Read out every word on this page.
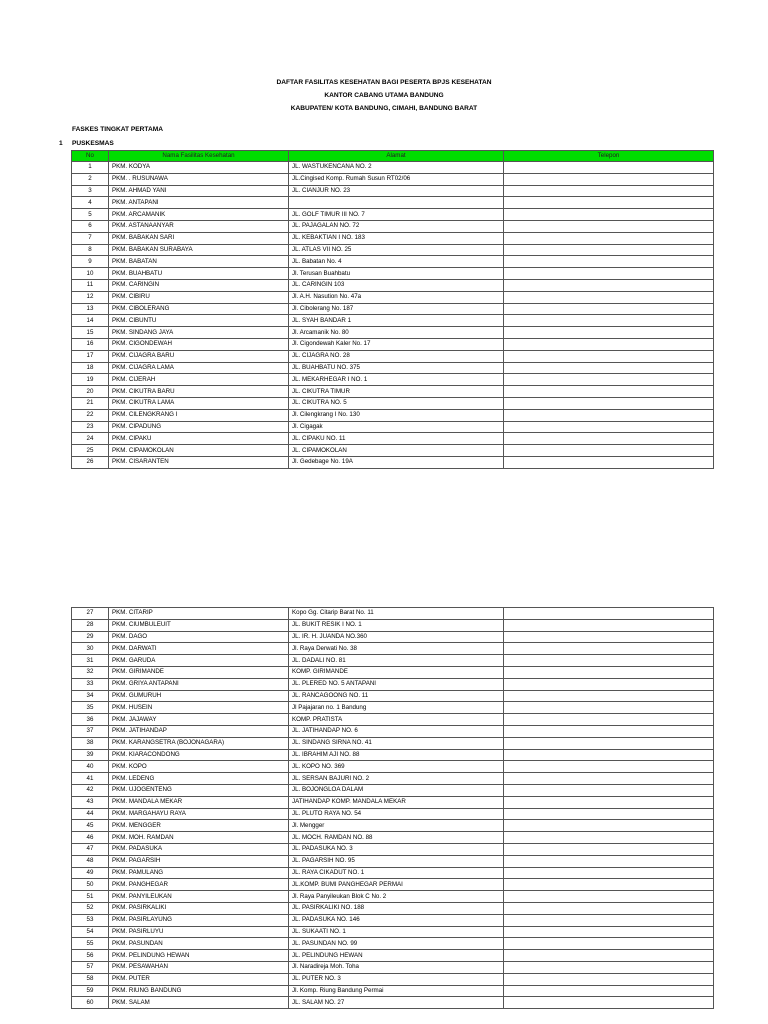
DAFTAR FASILITAS KESEHATAN BAGI PESERTA BPJS KESEHATAN
KANTOR CABANG UTAMA BANDUNG
KABUPATEN/ KOTA BANDUNG, CIMAHI, BANDUNG BARAT
FASKES TINGKAT PERTAMA
1 PUSKESMAS
No	Nama Fasilitas Kesehatan	Alamat	Telepon
1	PKM. KODYA	JL. WASTUKENCANA NO. 2	
2	PKM. . RUSUNAWA	JL.Cingised Komp. Rumah Susun RT02/06	
3	PKM. AHMAD YANI	JL. CIANJUR NO. 23	
4	PKM. ANTAPANI		
5	PKM. ARCAMANIK	JL. GOLF TIMUR III NO. 7	
6	PKM. ASTANAANYAR	JL. PAJAGALAN NO. 72	
7	PKM. BABAKAN SARI	JL. KEBAKTIAN I NO. 183	
8	PKM. BABAKAN SURABAYA	JL. ATLAS VII NO. 25	
9	PKM. BABATAN	JL. Babatan No. 4	
10	PKM. BUAHBATU	Jl. Terusan Buahbatu	
11	PKM. CARINGIN	JL. CARINGIN 103	
12	PKM. CIBIRU	Jl. A.H. Nasution No. 47a	
13	PKM. CIBOLERANG	Jl. Cibolerang No. 187	
14	PKM. CIBUNTU	JL. SYAH BANDAR 1	
15	PKM. SINDANG JAYA	Jl. Arcamanik No. 80	
16	PKM. CIGONDEWAH	Jl. Cigondewah Kaler No. 17	
17	PKM. CIJAGRA BARU	JL. CIJAGRA NO. 28	
18	PKM. CIJAGRA LAMA	JL. BUAHBATU NO. 375	
19	PKM. CIJERAH	JL. MEKARHEGAR I NO. 1	
20	PKM. CIKUTRA BARU	JL. CIKUTRA TIMUR	
21	PKM. CIKUTRA LAMA	JL. CIKUTRA NO. 5	
22	PKM. CILENGKRANG I	Jl. Cilengkrang I No. 130	
23	PKM. CIPADUNG	Jl. Cigagak	
24	PKM. CIPAKU	JL. CIPAKU NO. 11	
25	PKM. CIPAMOKOLAN	JL. CIPAMOKOLAN	
26	PKM. CISARANTEN	Jl. Gedebage No. 19A	
27	PKM. CITARIP	Kopo Gg. Citarip Barat No. 11	
28	PKM. CIUMBULEUIT	JL. BUKIT RESIK I NO. 1	
29	PKM. DAGO	JL. IR. H. JUANDA NO.360	
30	PKM. DARWATI	Jl. Raya Derwati No. 38	
31	PKM. GARUDA	JL. DADALI NO. 81	
32	PKM. GIRIMANDE	KOMP. GIRIMANDE	
33	PKM. GRIYA ANTAPANI	JL. PLERED NO. 5 ANTAPANI	
34	PKM. GUMURUH	JL. RANCAGOONG NO. 11	
35	PKM. HUSEIN	Jl Pajajaran no. 1 Bandung	
36	PKM. JAJAWAY	KOMP. PRATISTA	
37	PKM. JATIHANDAP	JL. JATIHANDAP NO. 6	
38	PKM. KARANGSETRA (BOJONAGARA)	JL. SINDANG SIRNA NO. 41	
39	PKM. KIARACONDONG	JL. IBRAHIM AJI NO. 88	
40	PKM. KOPO	JL. KOPO NO. 369	
41	PKM. LEDENG	JL. SERSAN BAJURI NO. 2	
42	PKM. UJOGENTENG	JL. BOJONGLOA DALAM	
43	PKM. MANDALA MEKAR	JATIHANDAP KOMP. MANDALA MEKAR	
44	PKM. MARGAHAYU RAYA	JL. PLUTO RAYA NO. 54	
45	PKM. MENGGER	Jl. Mengger	
46	PKM. MOH. RAMDAN	JL. MOCH. RAMDAN NO. 88	
47	PKM. PADASUKA	JL. PADASUKA NO. 3	
48	PKM. PAGARSIH	JL. PAGARSIH NO. 95	
49	PKM. PAMULANG	JL. RAYA CIKADUT NO. 1	
50	PKM. PANGHEGAR	JL.KOMP. BUMI PANGHEGAR PERMAI	
51	PKM. PANYILEUKAN	Jl. Raya Panyileukan Blok C No. 2	
52	PKM. PASIRKALIKI	JL. PASIRKALIKI NO. 188	
53	PKM. PASIRLAYUNG	JL. PADASUKA NO. 146	
54	PKM. PASIRLUYU	JL. SUKAATI NO. 1	
55	PKM. PASUNDAN	JL. PASUNDAN NO. 99	
56	PKM. PELINDUNG HEWAN	JL. PELINDUNG HEWAN	
57	PKM. PESAWAHAN	Jl. Naradireja Moh. Toha	
58	PKM. PUTER	JL. PUTER NO. 3	
59	PKM. RIUNG BANDUNG	Jl. Komp. Riung Bandung Permai	
60	PKM. SALAM	JL. SALAM NO. 27	
